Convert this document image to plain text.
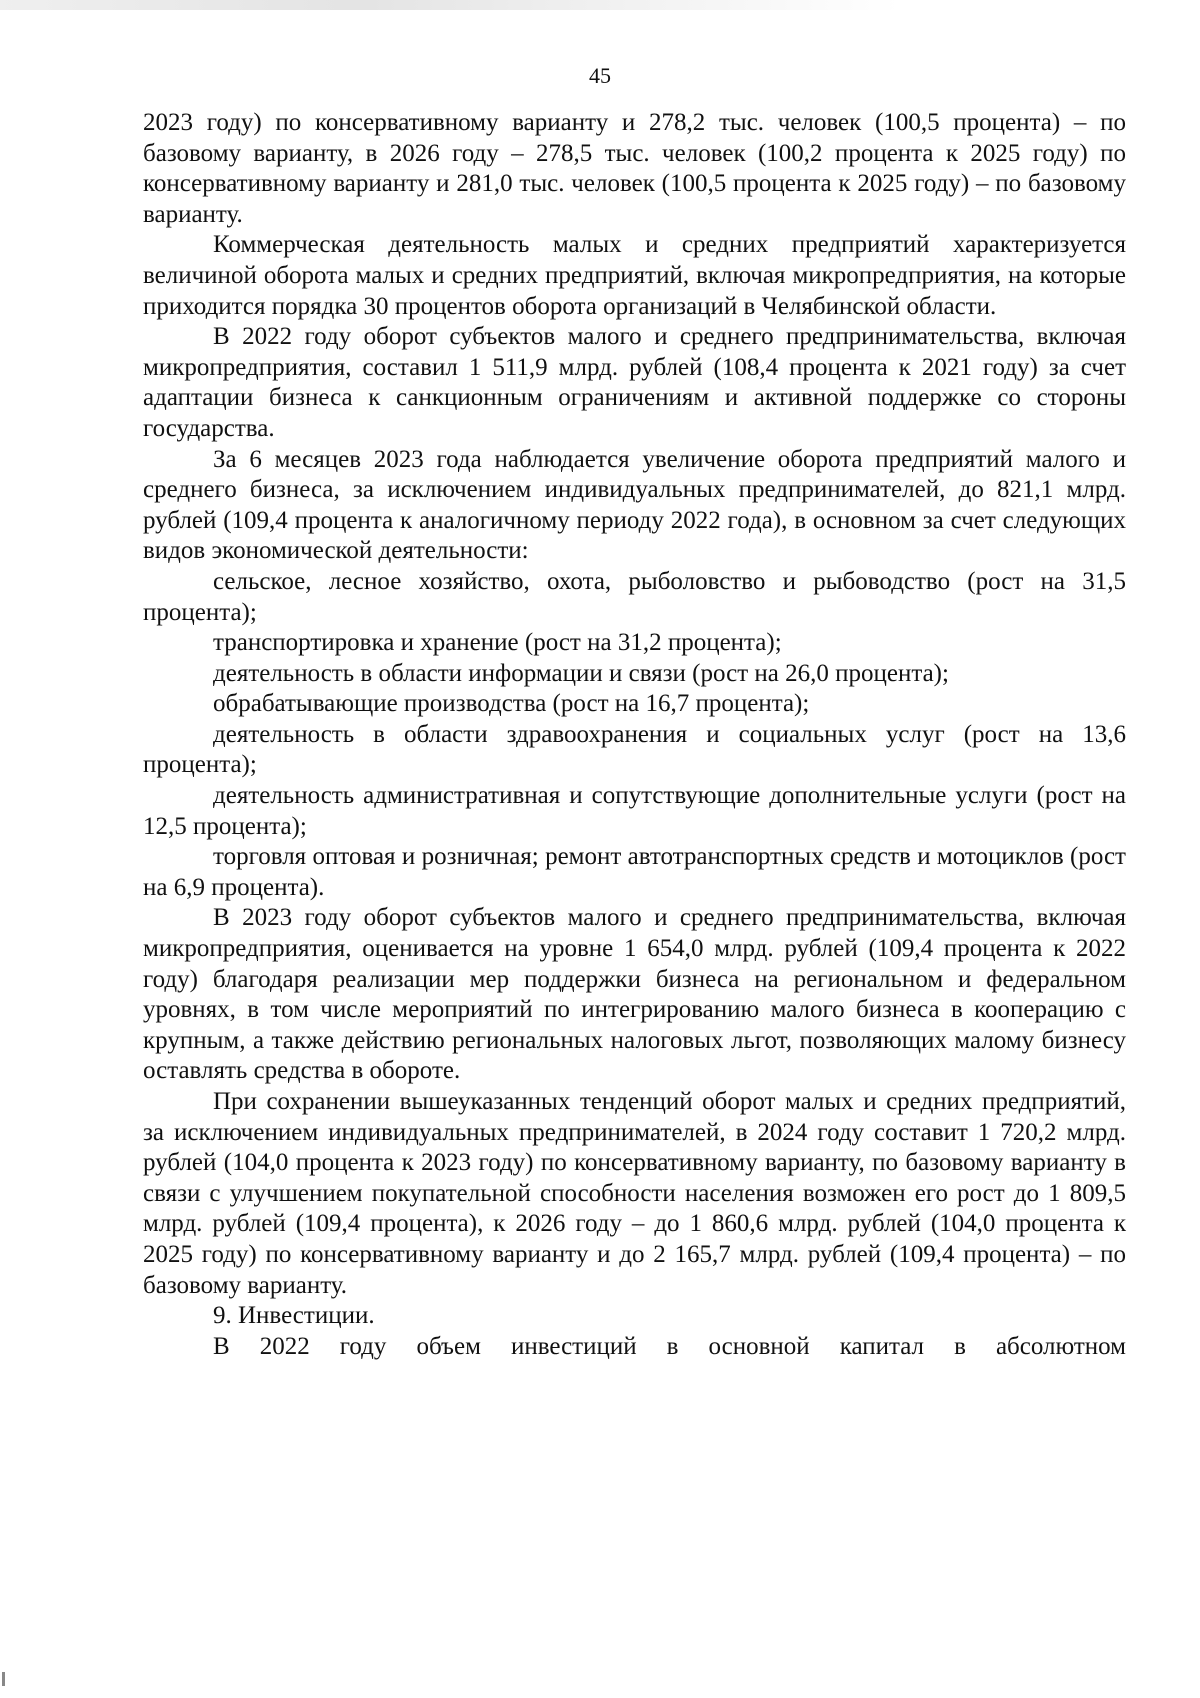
45

2023 году) по консервативному варианту и 278,2 тыс. человек (100,5 процента) – по базовому варианту, в 2026 году – 278,5 тыс. человек (100,2 процента к 2025 году) по консервативному варианту и 281,0 тыс. человек (100,5 процента к 2025 году) – по базовому варианту.

Коммерческая деятельность малых и средних предприятий характеризуется величиной оборота малых и средних предприятий, включая микропредприятия, на которые приходится порядка 30 процентов оборота организаций в Челябинской области.

В 2022 году оборот субъектов малого и среднего предпринимательства, включая микропредприятия, составил 1 511,9 млрд. рублей (108,4 процента к 2021 году) за счет адаптации бизнеса к санкционным ограничениям и активной поддержке со стороны государства.

За 6 месяцев 2023 года наблюдается увеличение оборота предприятий малого и среднего бизнеса, за исключением индивидуальных предпринимателей, до 821,1 млрд. рублей (109,4 процента к аналогичному периоду 2022 года), в основном за счет следующих видов экономической деятельности:

сельское, лесное хозяйство, охота, рыболовство и рыбоводство (рост на 31,5 процента);

транспортировка и хранение (рост на 31,2 процента);

деятельность в области информации и связи (рост на 26,0 процента);

обрабатывающие производства (рост на 16,7 процента);

деятельность в области здравоохранения и социальных услуг (рост на 13,6 процента);

деятельность административная и сопутствующие дополнительные услуги (рост на 12,5 процента);

торговля оптовая и розничная; ремонт автотранспортных средств и мотоциклов (рост на 6,9 процента).

В 2023 году оборот субъектов малого и среднего предпринимательства, включая микропредприятия, оценивается на уровне 1 654,0 млрд. рублей (109,4 процента к 2022 году) благодаря реализации мер поддержки бизнеса на региональном и федеральном уровнях, в том числе мероприятий по интегрированию малого бизнеса в кооперацию с крупным, а также действию региональных налоговых льгот, позволяющих малому бизнесу оставлять средства в обороте.

При сохранении вышеуказанных тенденций оборот малых и средних предприятий, за исключением индивидуальных предпринимателей, в 2024 году составит 1 720,2 млрд. рублей (104,0 процента к 2023 году) по консервативному варианту, по базовому варианту в связи с улучшением покупательной способности населения возможен его рост до 1 809,5 млрд. рублей (109,4 процента), к 2026 году – до 1 860,6 млрд. рублей (104,0 процента к 2025 году) по консервативному варианту и до 2 165,7 млрд. рублей (109,4 процента) – по базовому варианту.

9. Инвестиции.

В 2022 году объем инвестиций в основной капитал в абсолютном
